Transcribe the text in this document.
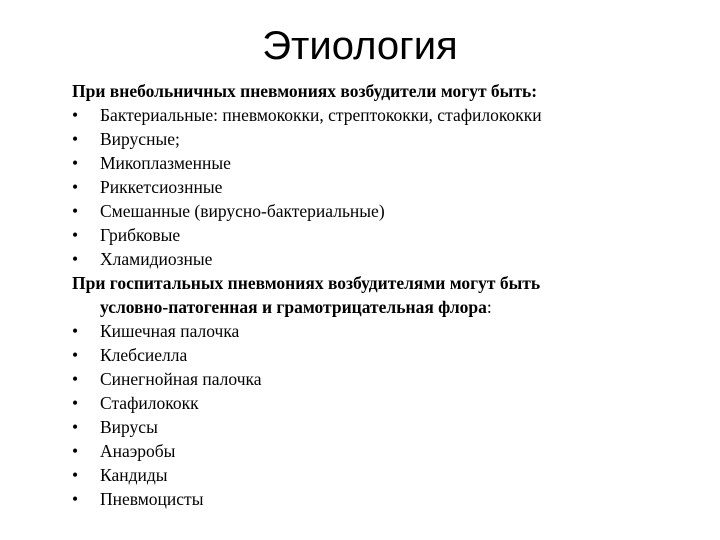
Этиология
При внебольничных пневмониях возбудители могут быть:
•	Бактериальные: пневмококки, стрептококки, стафилококки
•	Вирусные;
•	Микоплазменные
•	Риккетсиознные
•	Смешанные (вирусно-бактериальные)
•	Грибковые
•	Хламидиозные
При госпитальных пневмониях возбудителями могут быть
условно-патогенная и грамотрицательная флора:
•	Кишечная палочка
•	Клебсиелла
•	Синегнойная палочка
•	Стафилококк
•	Вирусы
•	Анаэробы
•	Кандиды
•	Пневмоцисты
